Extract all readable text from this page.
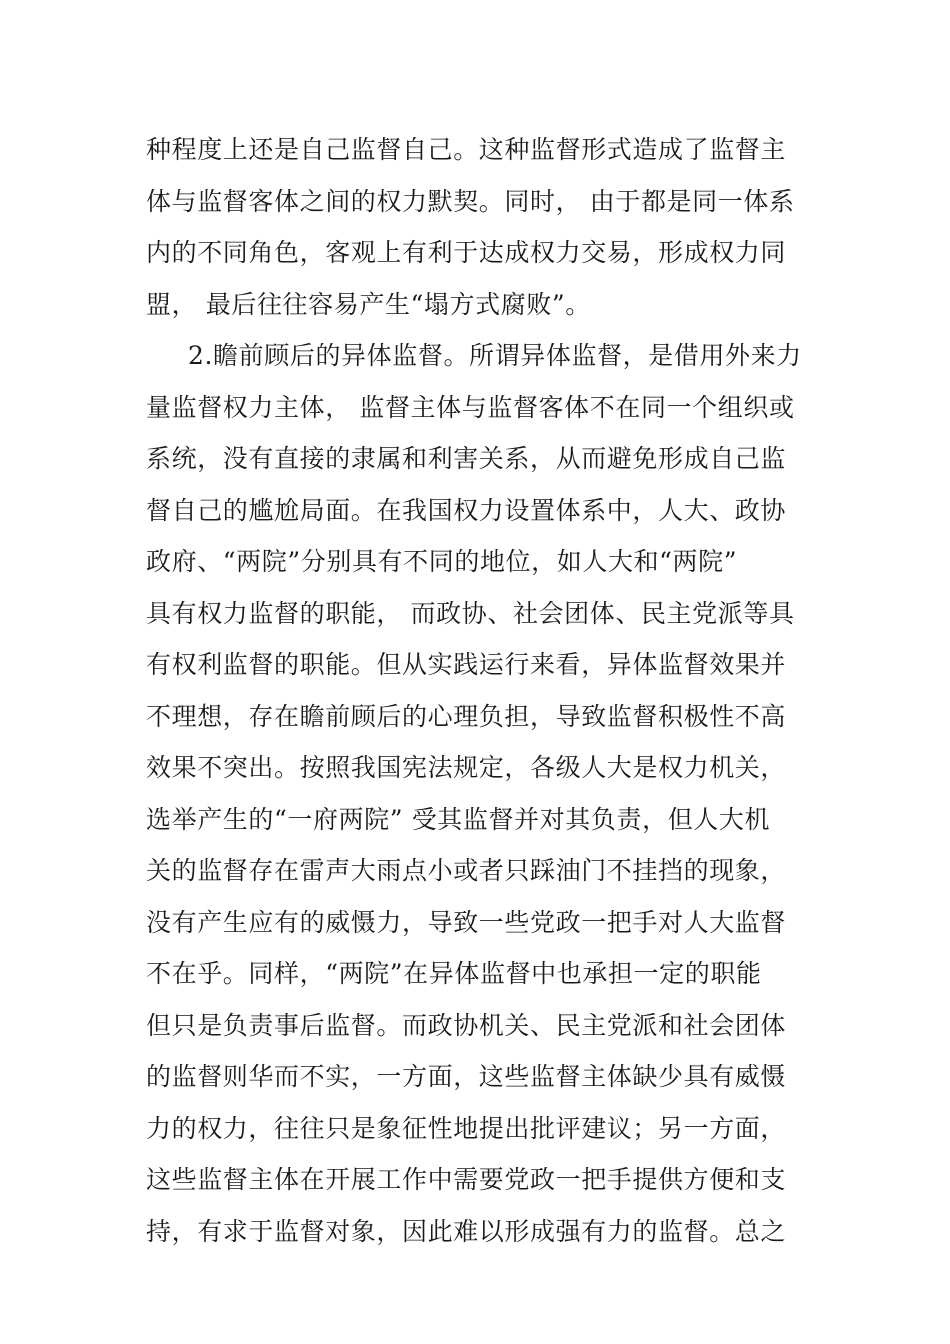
种程度上还是自己监督自己。这种监督形式造成了监督主
体与监督客体之间的权力默契。同时， 由于都是同一体系
内的不同角色，客观上有利于达成权力交易，形成权力同
盟， 最后往往容易产生“塌方式腐败”。
2.瞻前顾后的异体监督。所谓异体监督，是借用外来力
量监督权力主体， 监督主体与监督客体不在同一个组织或
系统，没有直接的隶属和利害关系，从而避免形成自己监
督自己的尴尬局面。在我国权力设置体系中，人大、政协
政府、“两院”分别具有不同的地位，如人大和“两院”
具有权力监督的职能， 而政协、社会团体、民主党派等具
有权利监督的职能。但从实践运行来看，异体监督效果并
不理想，存在瞻前顾后的心理负担，导致监督积极性不高
效果不突出。按照我国宪法规定，各级人大是权力机关，
选举产生的“一府两院” 受其监督并对其负责，但人大机
关的监督存在雷声大雨点小或者只踩油门不挂挡的现象，
没有产生应有的威慑力，导致一些党政一把手对人大监督
不在乎。同样，“两院”在异体监督中也承担一定的职能
但只是负责事后监督。而政协机关、民主党派和社会团体
的监督则华而不实，一方面，这些监督主体缺少具有威慑
力的权力，往往只是象征性地提出批评建议；另一方面，
这些监督主体在开展工作中需要党政一把手提供方便和支
持，有求于监督对象，因此难以形成强有力的监督。总之
